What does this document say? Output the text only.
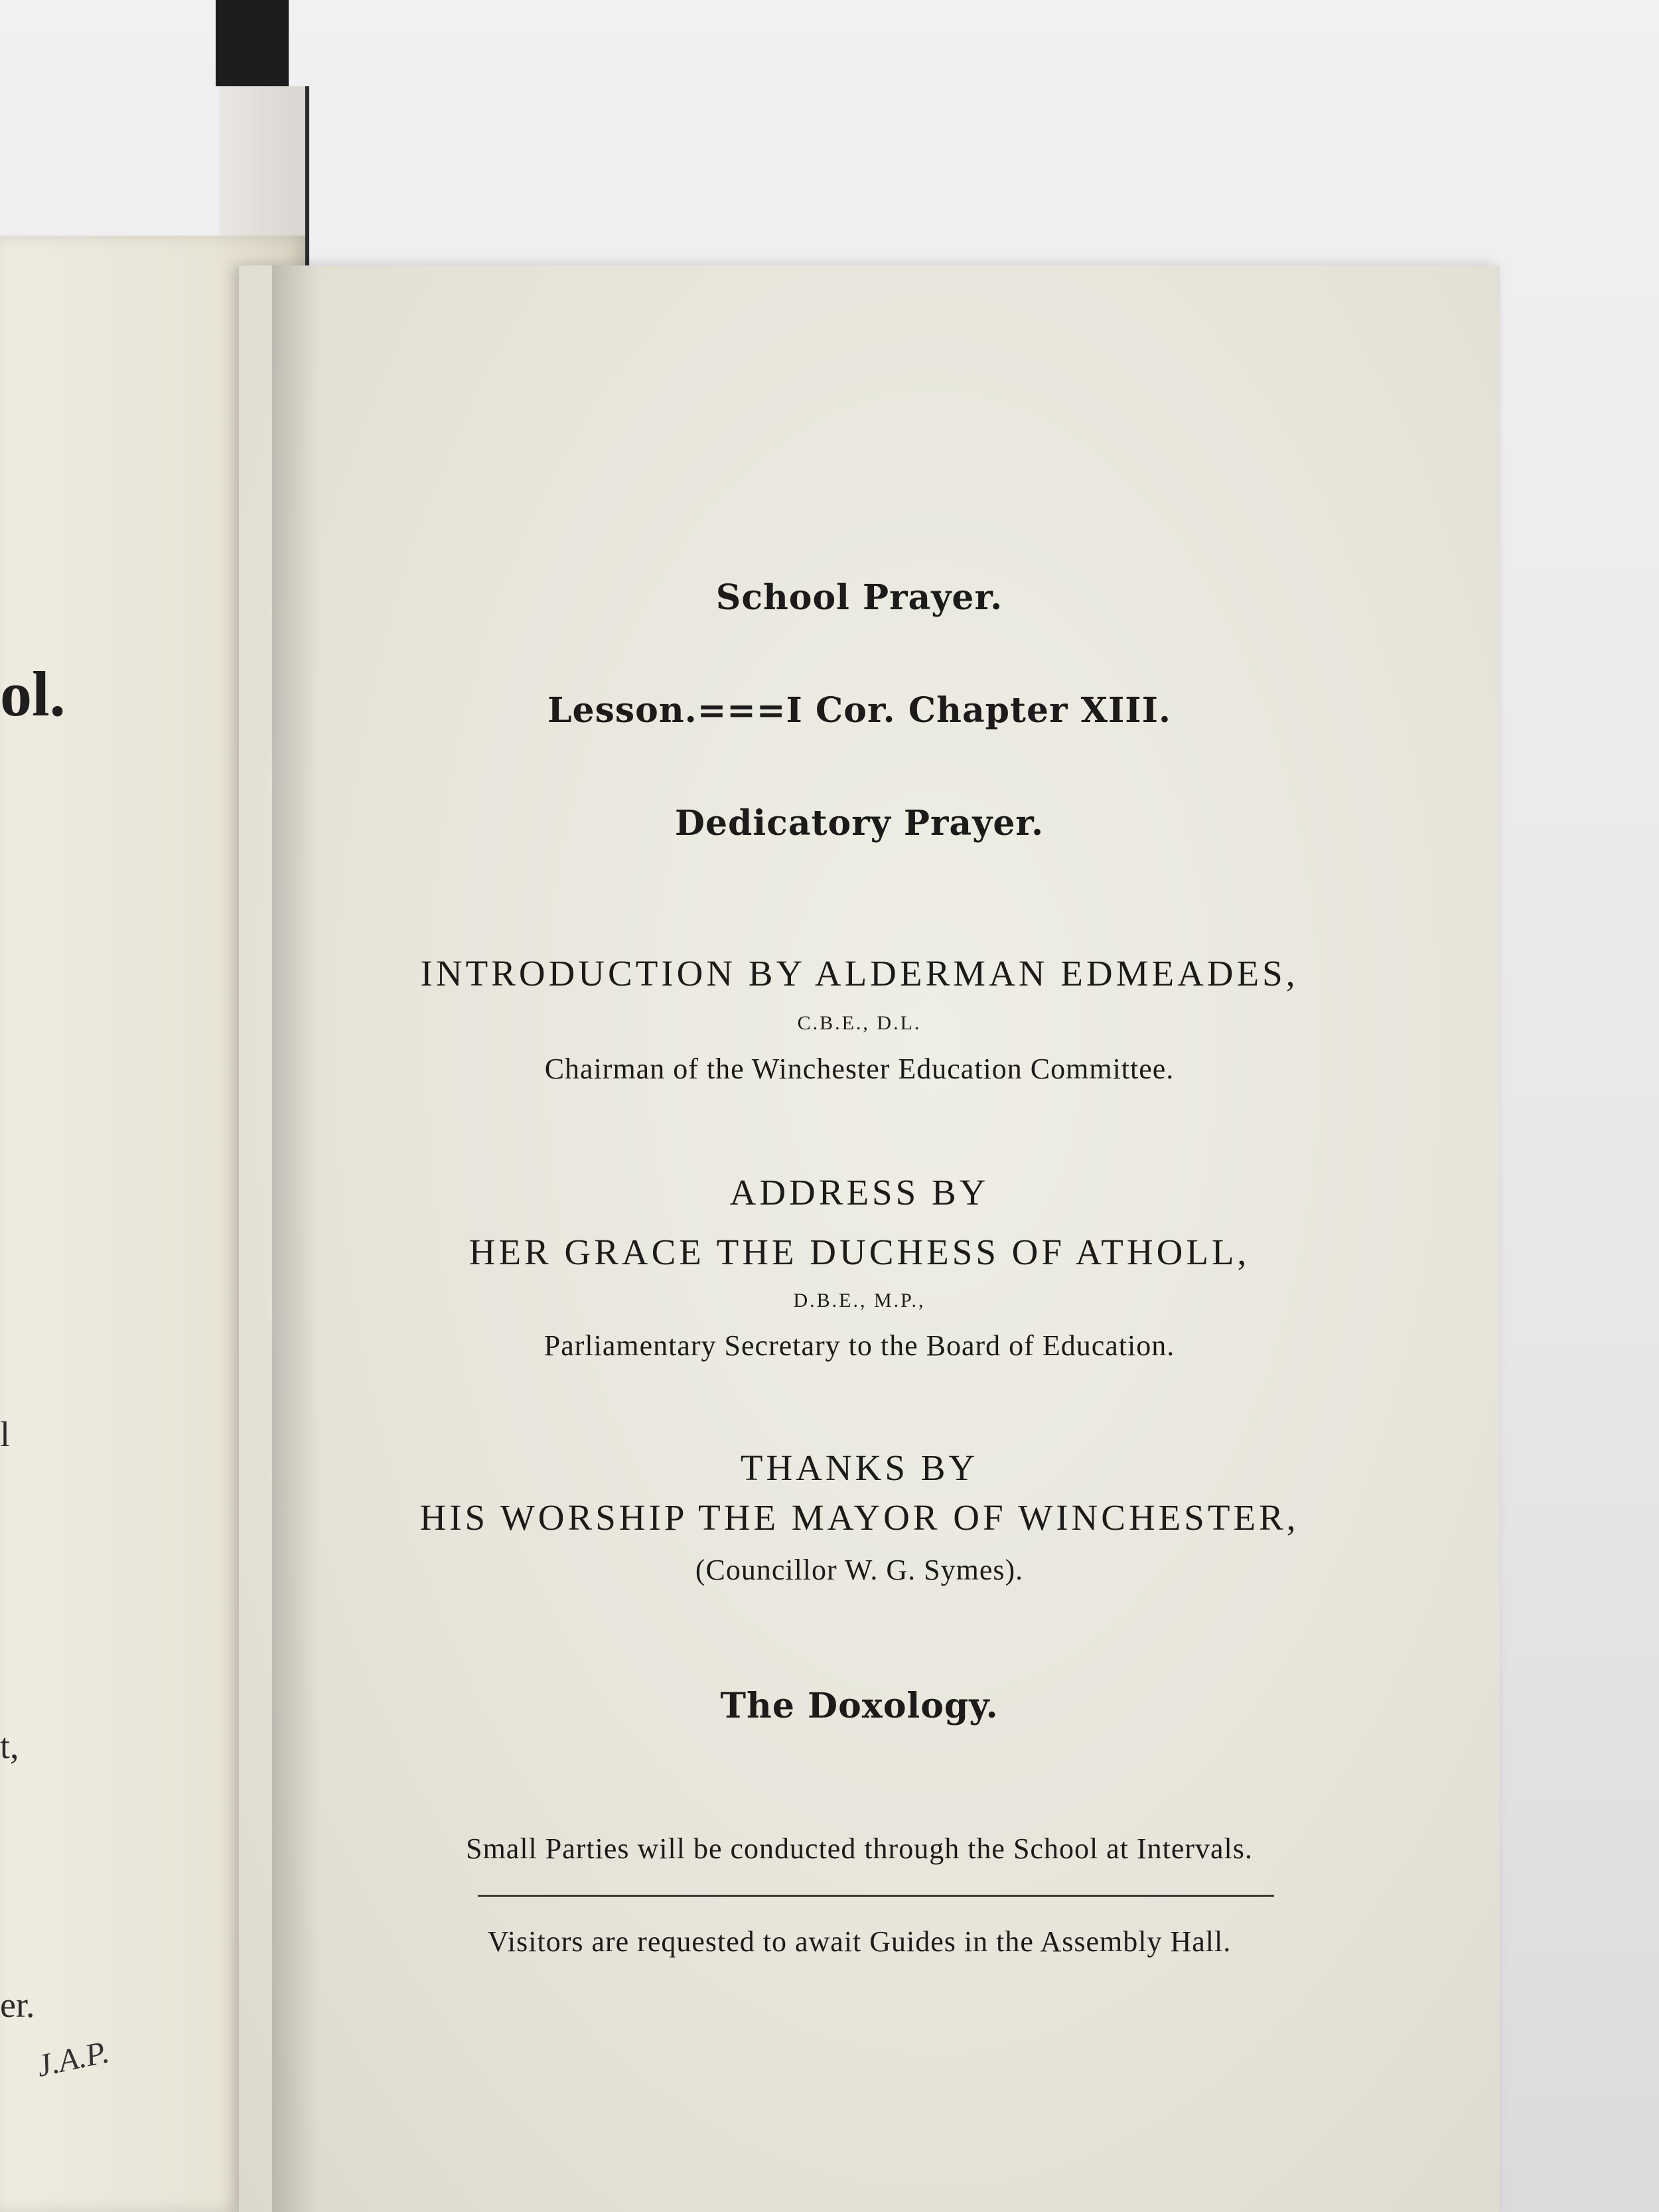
ol.
l
t,
er.
J.A.P.
School Prayer.
Lesson.===I Cor. Chapter XIII.
Dedicatory Prayer.
INTRODUCTION BY ALDERMAN EDMEADES,
C.B.E., D.L.
Chairman of the Winchester Education Committee.
ADDRESS BY
HER GRACE THE DUCHESS OF ATHOLL,
D.B.E., M.P.,
Parliamentary Secretary to the Board of Education.
THANKS BY
HIS WORSHIP THE MAYOR OF WINCHESTER,
(Councillor W. G. Symes).
The Doxology.
Small Parties will be conducted through the School at Intervals.
Visitors are requested to await Guides in the Assembly Hall.
